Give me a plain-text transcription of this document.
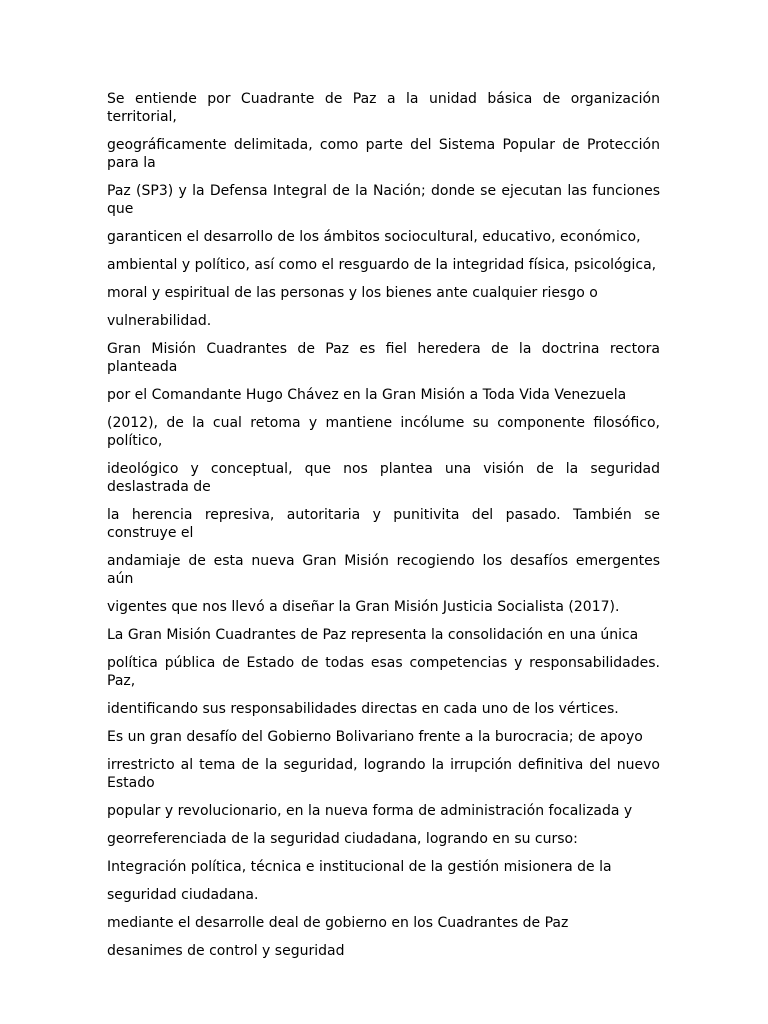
Se entiende por Cuadrante de Paz a la unidad básica de organización territorial,

geográficamente delimitada, como parte del Sistema Popular de Protección para la

Paz (SP3) y la Defensa Integral de la Nación; donde se ejecutan las funciones que

garanticen el desarrollo de los ámbitos sociocultural, educativo, económico,

ambiental y político, así como el resguardo de la integridad física, psicológica,

moral y espiritual de las personas y los bienes ante cualquier riesgo o

vulnerabilidad.

Gran Misión Cuadrantes de Paz es fiel heredera de la doctrina rectora planteada

por el Comandante Hugo Chávez en la Gran Misión a Toda Vida Venezuela

(2012), de la cual retoma y mantiene incólume su componente filosófico, político,

ideológico y conceptual, que nos plantea una visión de la seguridad deslastrada de

la herencia represiva, autoritaria y punitivita del pasado. También se construye el

andamiaje de esta nueva Gran Misión recogiendo los desafíos emergentes aún

vigentes que nos llevó a diseñar la Gran Misión Justicia Socialista (2017).

La Gran Misión Cuadrantes de Paz representa la consolidación en una única

política pública de Estado de todas esas competencias y responsabilidades. Paz,

identificando sus responsabilidades directas en cada uno de los vértices.

Es un gran desafío del Gobierno Bolivariano frente a la burocracia; de apoyo

irrestricto al tema de la seguridad, logrando la irrupción definitiva del nuevo Estado

popular y revolucionario, en la nueva forma de administración focalizada y

georreferenciada de la seguridad ciudadana, logrando en su curso:

Integración política, técnica e institucional de la gestión misionera de la

seguridad ciudadana.

mediante el desarrolle deal de gobierno en los Cuadrantes de Paz

desanimes de control y seguridad
